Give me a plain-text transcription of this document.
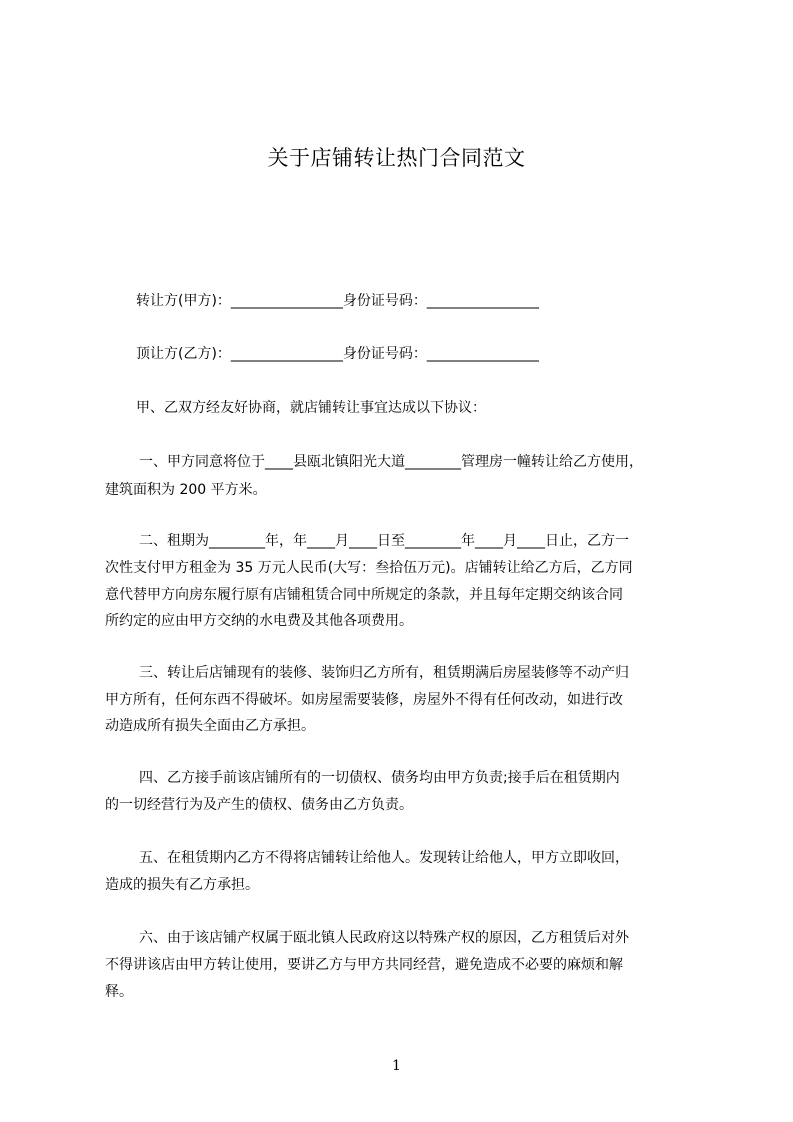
关于店铺转让热门合同范文
转让方(甲方)：________________身份证号码：________________
顶让方(乙方)：________________身份证号码：________________
甲、乙双方经友好协商，就店铺转让事宜达成以下协议：
一、甲方同意将位于____县瓯北镇阳光大道________管理房一幢转让给乙方使用，
建筑面积为 200 平方米。
二、租期为________年，年____月____日至________年____月____日止，乙方一
次性支付甲方租金为 35 万元人民币(大写：叁拾伍万元)。店铺转让给乙方后，乙方同
意代替甲方向房东履行原有店铺租赁合同中所规定的条款，并且每年定期交纳该合同
所约定的应由甲方交纳的水电费及其他各项费用。
三、转让后店铺现有的装修、装饰归乙方所有，租赁期满后房屋装修等不动产归
甲方所有，任何东西不得破坏。如房屋需要装修，房屋外不得有任何改动，如进行改
动造成所有损失全面由乙方承担。
四、乙方接手前该店铺所有的一切债权、债务均由甲方负责;接手后在租赁期内
的一切经营行为及产生的债权、债务由乙方负责。
五、在租赁期内乙方不得将店铺转让给他人。发现转让给他人，甲方立即收回，
造成的损失有乙方承担。
六、由于该店铺产权属于瓯北镇人民政府这以特殊产权的原因，乙方租赁后对外
不得讲该店由甲方转让使用，要讲乙方与甲方共同经营，避免造成不必要的麻烦和解
释。
1
